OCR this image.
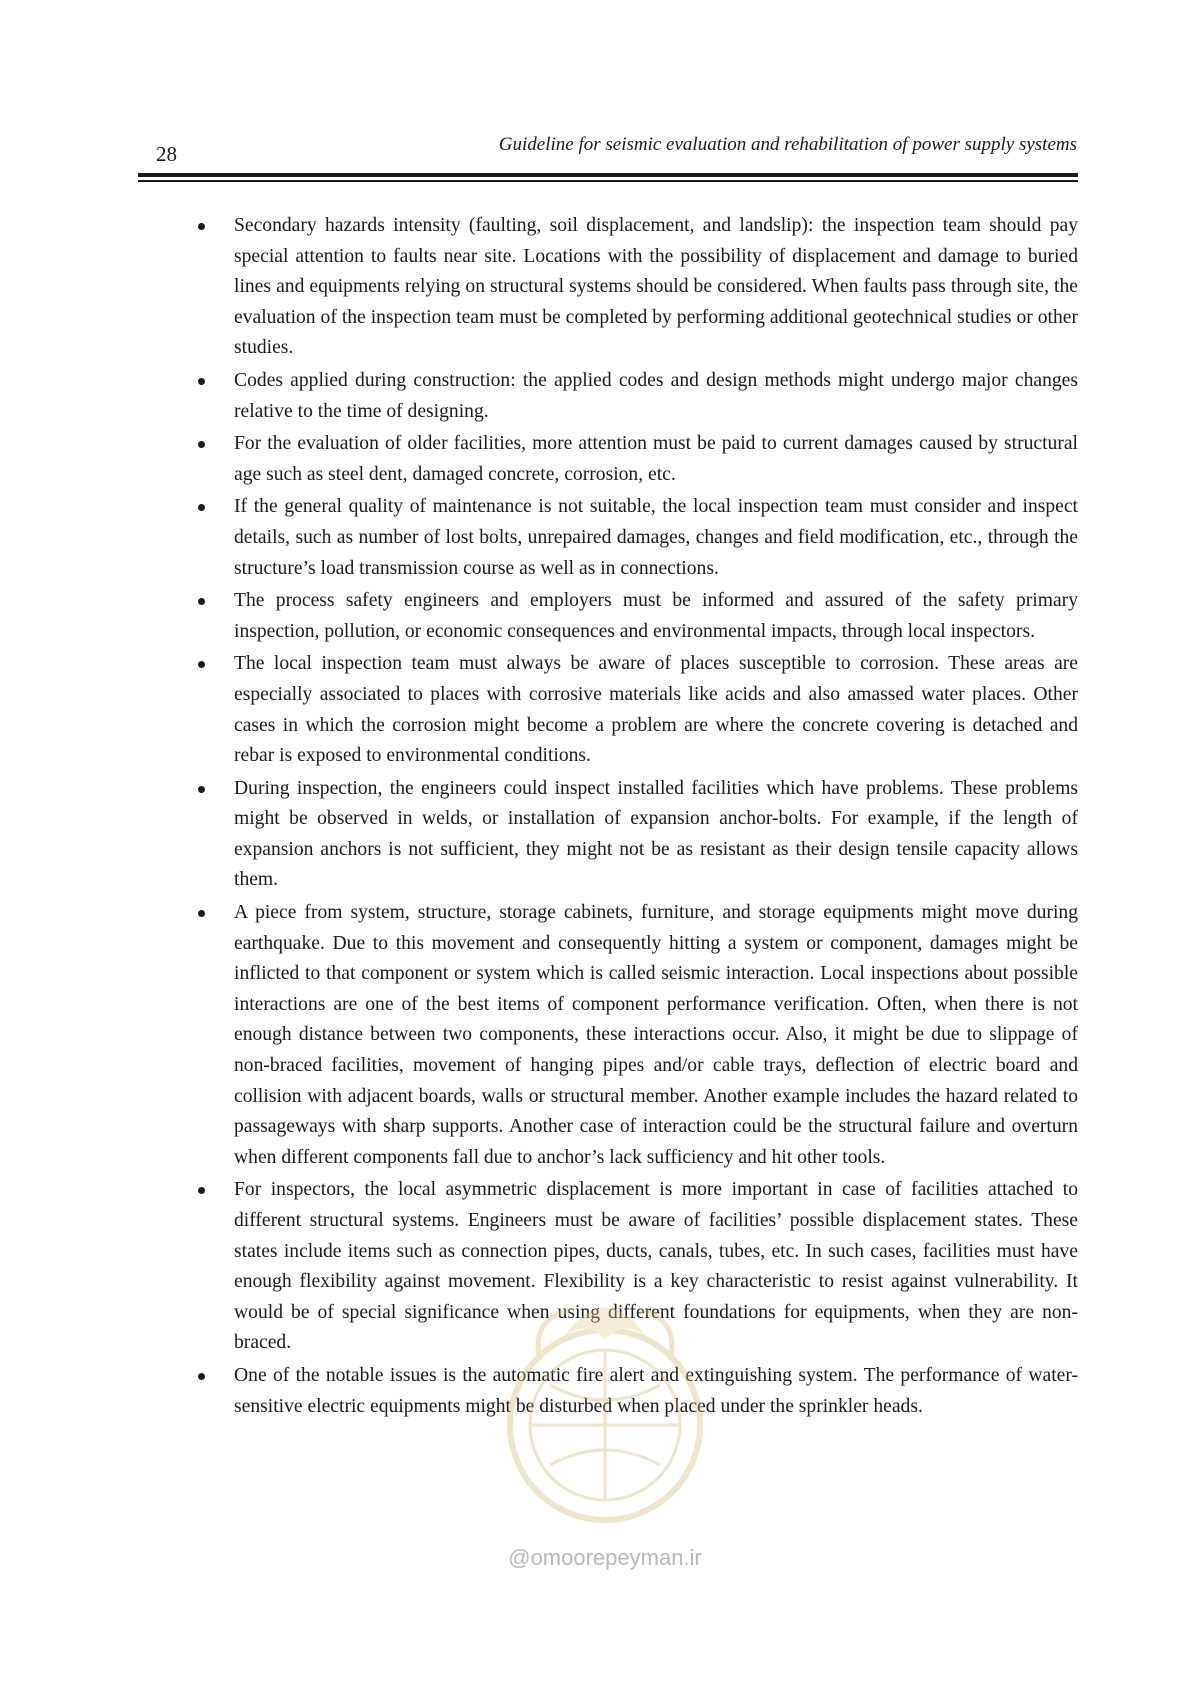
28	Guideline for seismic evaluation and rehabilitation of power supply systems
Secondary hazards intensity (faulting, soil displacement, and landslip): the inspection team should pay special attention to faults near site. Locations with the possibility of displacement and damage to buried lines and equipments relying on structural systems should be considered. When faults pass through site, the evaluation of the inspection team must be completed by performing additional geotechnical studies or other studies.
Codes applied during construction: the applied codes and design methods might undergo major changes relative to the time of designing.
For the evaluation of older facilities, more attention must be paid to current damages caused by structural age such as steel dent, damaged concrete, corrosion, etc.
If the general quality of maintenance is not suitable, the local inspection team must consider and inspect details, such as number of lost bolts, unrepaired damages, changes and field modification, etc., through the structure’s load transmission course as well as in connections.
The process safety engineers and employers must be informed and assured of the safety primary inspection, pollution, or economic consequences and environmental impacts, through local inspectors.
The local inspection team must always be aware of places susceptible to corrosion. These areas are especially associated to places with corrosive materials like acids and also amassed water places. Other cases in which the corrosion might become a problem are where the concrete covering is detached and rebar is exposed to environmental conditions.
During inspection, the engineers could inspect installed facilities which have problems. These problems might be observed in welds, or installation of expansion anchor-bolts. For example, if the length of expansion anchors is not sufficient, they might not be as resistant as their design tensile capacity allows them.
A piece from system, structure, storage cabinets, furniture, and storage equipments might move during earthquake. Due to this movement and consequently hitting a system or component, damages might be inflicted to that component or system which is called seismic interaction. Local inspections about possible interactions are one of the best items of component performance verification. Often, when there is not enough distance between two components, these interactions occur. Also, it might be due to slippage of non-braced facilities, movement of hanging pipes and/or cable trays, deflection of electric board and collision with adjacent boards, walls or structural member. Another example includes the hazard related to passageways with sharp supports. Another case of interaction could be the structural failure and overturn when different components fall due to anchor’s lack sufficiency and hit other tools.
For inspectors, the local asymmetric displacement is more important in case of facilities attached to different structural systems. Engineers must be aware of facilities’ possible displacement states. These states include items such as connection pipes, ducts, canals, tubes, etc. In such cases, facilities must have enough flexibility against movement. Flexibility is a key characteristic to resist against vulnerability. It would be of special significance when using different foundations for equipments, when they are non-braced.
One of the notable issues is the automatic fire alert and extinguishing system. The performance of water-sensitive electric equipments might be disturbed when placed under the sprinkler heads.
@omoorepeyman.ir
